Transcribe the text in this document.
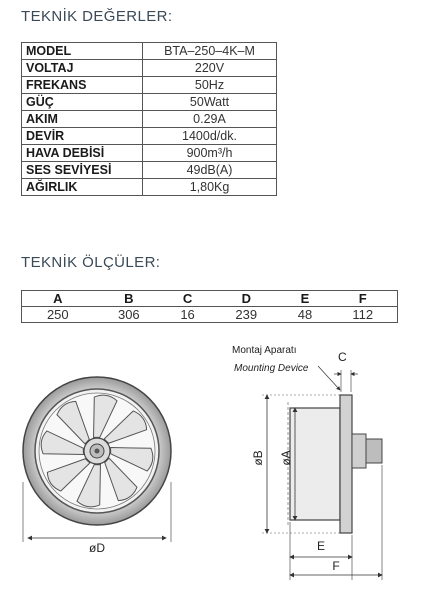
TEKNİK DEĞERLER:
MODEL	BTA–250–4K–M
VOLTAJ	220V
FREKANS	50Hz
GÜÇ	50Watt
AKIM	0.29A
DEVİR	1400d/dk.
HAVA DEBİSİ	900m³/h
SES SEVİYESİ	49dB(A)
AĞIRLIK	1,80Kg
TEKNİK ÖLÇÜLER:
A	B	C	D	E	F
250	306	16	239	48	112
øD
Montaj Aparatı
Mounting Device
C
øB øA
E
F
